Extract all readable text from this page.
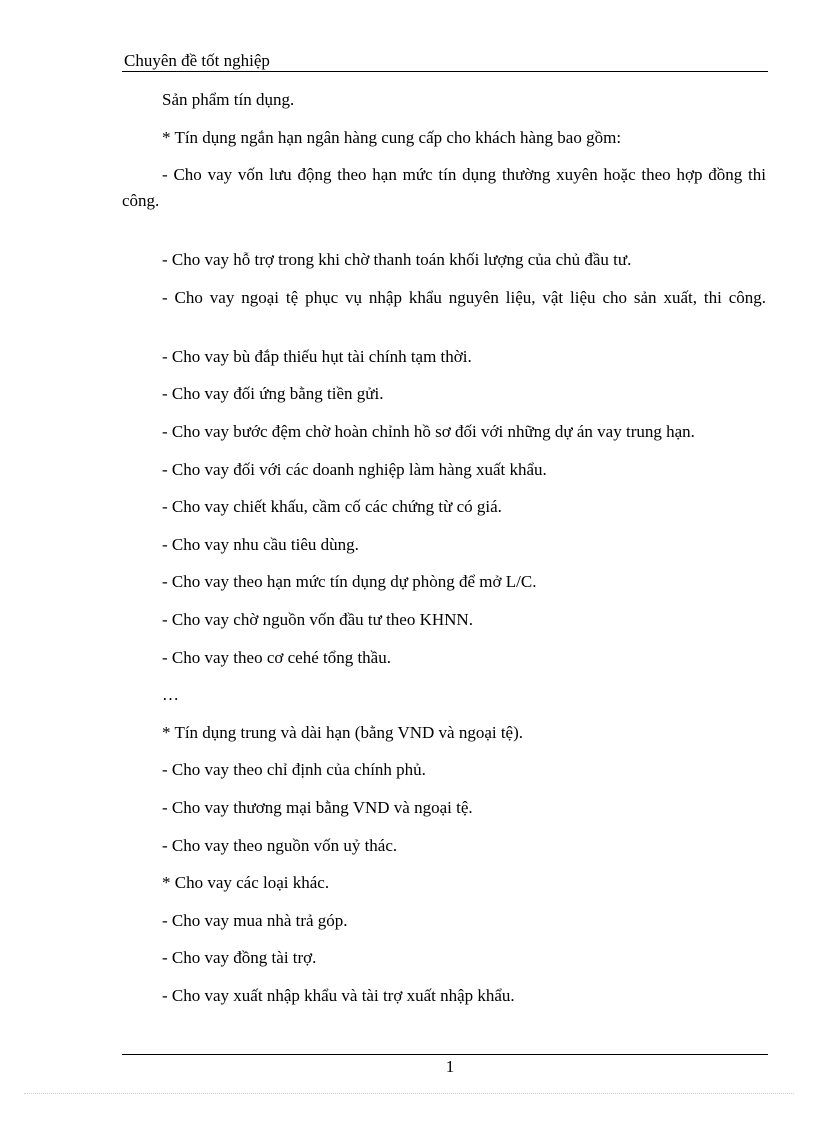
Chuyên đề tốt nghiệp

Sản phẩm tín dụng.

* Tín dụng ngắn hạn ngân hàng cung cấp cho khách hàng bao gồm:

- Cho vay vốn lưu động theo hạn mức tín dụng thường xuyên hoặc theo hợp đồng thi công.

- Cho vay hỗ trợ trong khi chờ thanh toán khối lượng của chủ đầu tư.

- Cho vay ngoại tệ phục vụ nhập khẩu nguyên liệu, vật liệu cho sản xuất, thi công.

- Cho vay bù đắp thiếu hụt tài chính tạm thời.

- Cho vay đối ứng bằng tiền gửi.

- Cho vay bước đệm chờ hoàn chỉnh hồ sơ đối với những dự án vay trung hạn.

- Cho vay đối với các doanh nghiệp làm hàng xuất khẩu.

- Cho vay chiết khấu, cầm cố các chứng từ có giá.

- Cho vay nhu cầu tiêu dùng.

- Cho vay theo hạn mức tín dụng dự phòng để mở L/C.

- Cho vay chờ nguồn vốn đầu tư theo KHNN.

- Cho vay theo cơ cehé tổng thầu.

…

* Tín dụng trung và dài hạn (bằng VND và ngoại tệ).

- Cho vay theo chỉ định của chính phủ.

- Cho vay thương mại bằng VND và ngoại tệ.

- Cho vay theo nguồn vốn uỷ thác.

* Cho vay các loại khác.

- Cho vay mua nhà trả góp.

- Cho vay đồng tài trợ.

- Cho vay xuất nhập khẩu và tài trợ xuất nhập khẩu.

1
